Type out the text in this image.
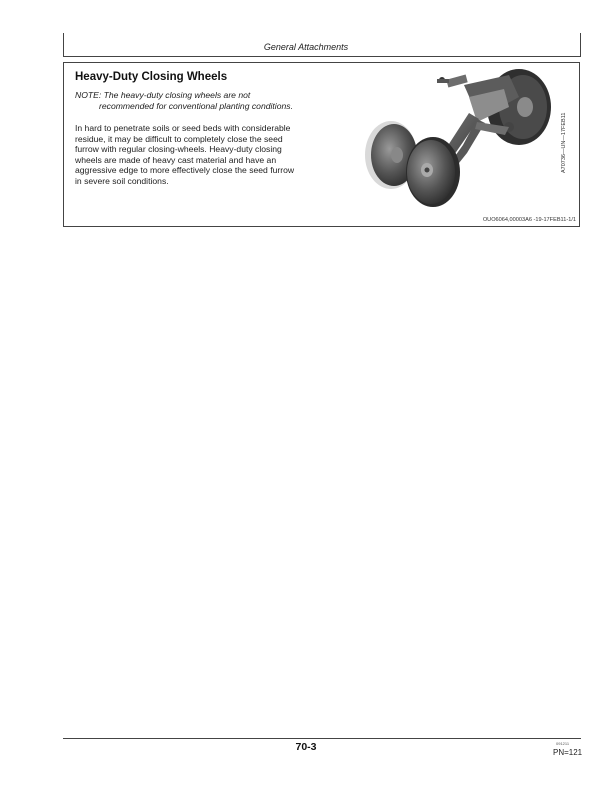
General Attachments
Heavy-Duty Closing Wheels
NOTE: The heavy-duty closing wheels are not
recommended for conventional planting conditions.
In hard to penetrate soils or seed beds with considerable
residue, it may be difficult to completely close the seed
furrow with regular closing-wheels. Heavy-duty closing
wheels are made of heavy cast material and have an
aggressive edge to more effectively close the seed furrow
in severe soil conditions.
A70736—UN—17FEB11
OUO6064,00003A6 -19-17FEB11-1/1
70-3	091211
PN=121
